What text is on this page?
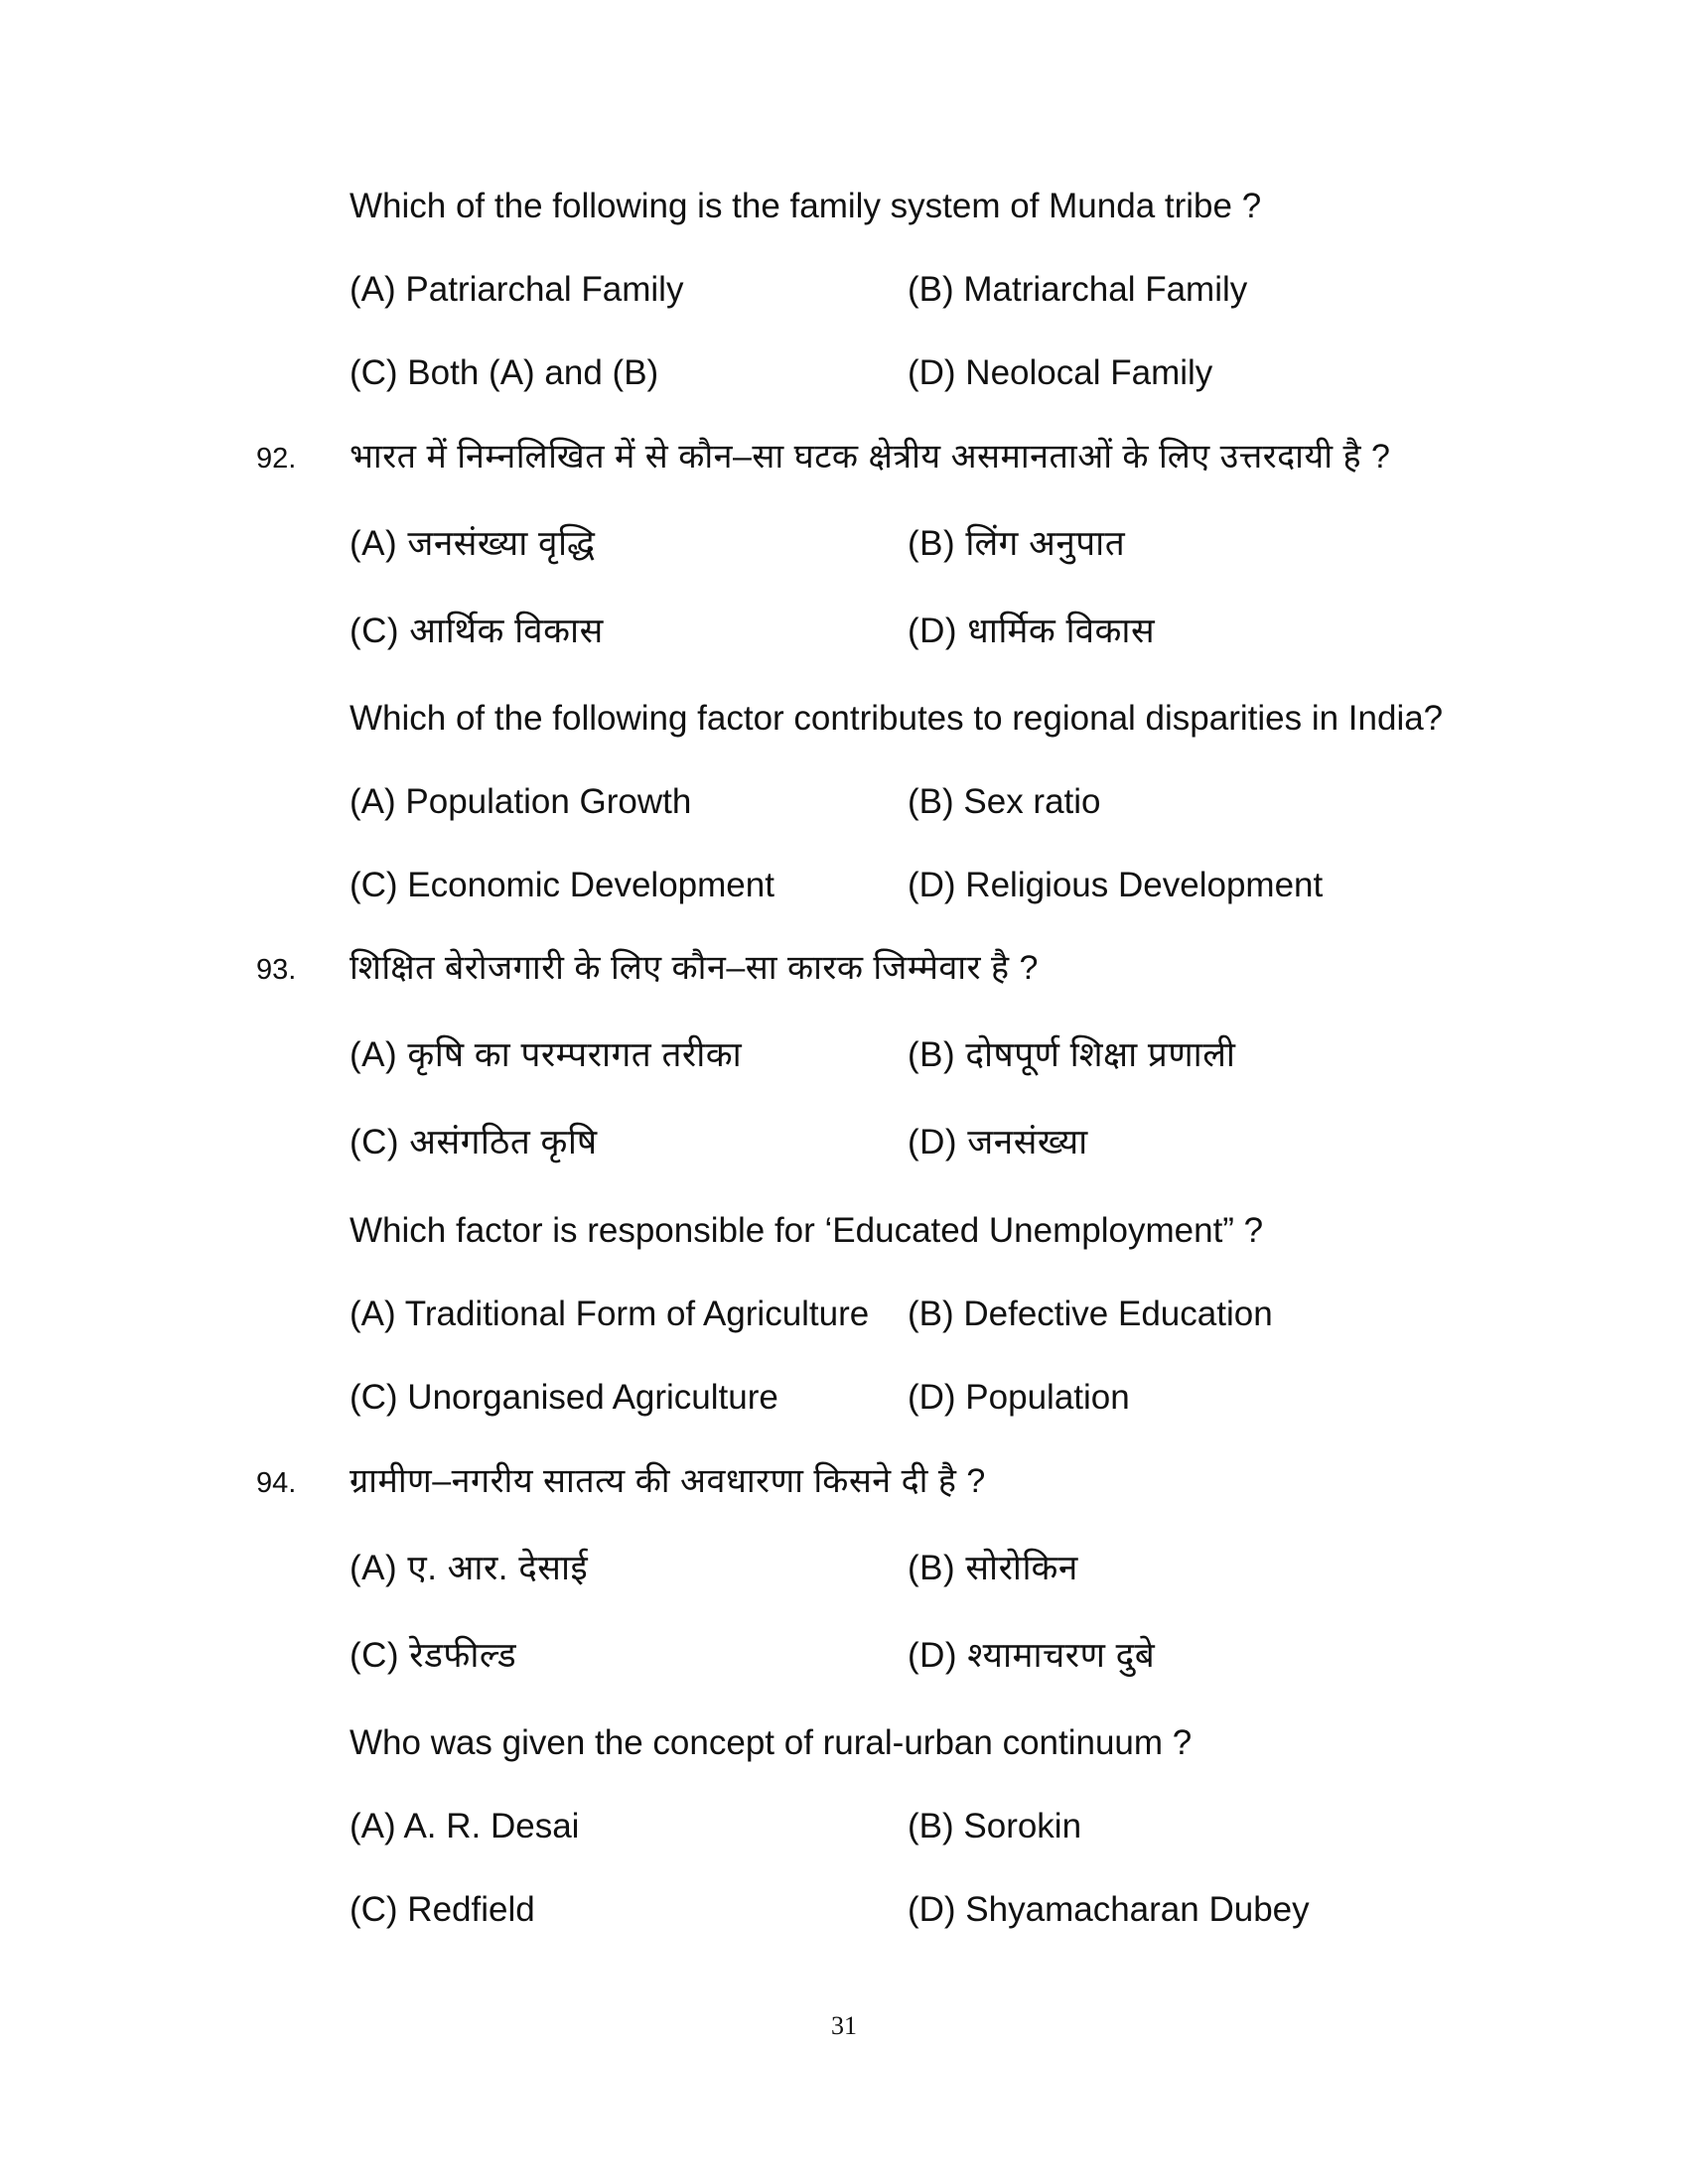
Which of the following is the family system of Munda tribe ?
(A) Patriarchal Family	(B) Matriarchal Family
(C) Both (A) and (B)	(D) Neolocal Family
92. भारत में निम्नलिखित में से कौन–सा घटक क्षेत्रीय असमानताओं के लिए उत्तरदायी है ?
(A) जनसंख्या वृद्धि	(B) लिंग अनुपात
(C) आर्थिक विकास	(D) धार्मिक विकास
Which of the following factor contributes to regional disparities in India?
(A) Population Growth	(B) Sex ratio
(C) Economic Development	(D) Religious Development
93. शिक्षित बेरोजगारी के लिए कौन–सा कारक जिम्मेवार है ?
(A) कृषि का परम्परागत तरीका	(B) दोषपूर्ण शिक्षा प्रणाली
(C) असंगठित कृषि	(D) जनसंख्या
Which factor is responsible for ‘Educated Unemployment” ?
(A) Traditional Form of Agriculture (B) Defective Education
(C) Unorganised Agriculture	(D) Population
94. ग्रामीण–नगरीय सातत्य की अवधारणा किसने दी है ?
(A) ए. आर. देसाई	(B) सोरोकिन
(C) रेडफील्ड	(D) श्यामाचरण दुबे
Who was given the concept of rural-urban continuum ?
(A) A. R. Desai	(B) Sorokin
(C) Redfield	(D) Shyamacharan Dubey
31
